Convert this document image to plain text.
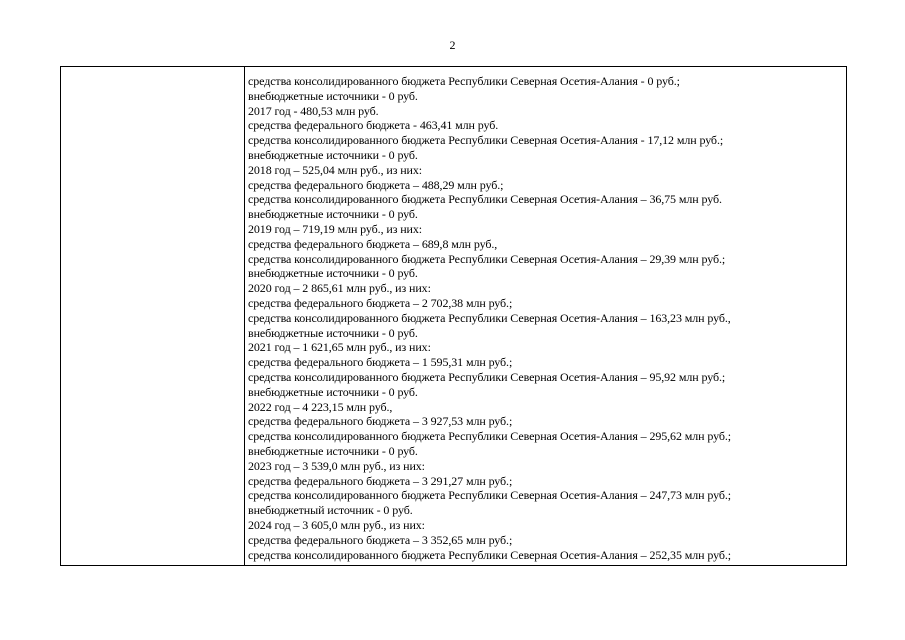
2
средства консолидированного бюджета Республики Северная Осетия-Алания - 0 руб.;
внебюджетные источники - 0 руб.
2017 год - 480,53 млн руб.
средства федерального бюджета - 463,41 млн руб.
средства консолидированного бюджета Республики Северная Осетия-Алания - 17,12 млн руб.;
внебюджетные источники - 0 руб.
2018 год – 525,04 млн руб., из них:
средства федерального бюджета – 488,29 млн руб.;
средства консолидированного бюджета Республики Северная Осетия-Алания – 36,75 млн руб.
внебюджетные источники - 0 руб.
2019 год – 719,19 млн руб., из них:
средства федерального бюджета – 689,8 млн руб.,
средства консолидированного бюджета Республики Северная Осетия-Алания – 29,39 млн руб.;
внебюджетные источники - 0 руб.
2020 год – 2 865,61 млн руб., из них:
средства федерального бюджета – 2 702,38 млн руб.;
средства консолидированного бюджета Республики Северная Осетия-Алания – 163,23 млн руб.,
внебюджетные источники - 0 руб.
2021 год – 1 621,65 млн руб., из них:
средства федерального бюджета – 1 595,31 млн руб.;
средства консолидированного бюджета Республики Северная Осетия-Алания – 95,92 млн руб.;
внебюджетные источники - 0 руб.
2022 год – 4 223,15 млн руб.,
средства федерального бюджета – 3 927,53 млн руб.;
средства консолидированного бюджета Республики Северная Осетия-Алания – 295,62 млн руб.;
внебюджетные источники - 0 руб.
2023 год – 3 539,0 млн руб., из них:
средства федерального бюджета – 3 291,27 млн руб.;
средства консолидированного бюджета Республики Северная Осетия-Алания – 247,73 млн руб.;
внебюджетный источник - 0 руб.
2024 год – 3 605,0 млн руб., из них:
средства федерального бюджета – 3 352,65 млн руб.;
средства консолидированного бюджета Республики Северная Осетия-Алания – 252,35 млн руб.;
